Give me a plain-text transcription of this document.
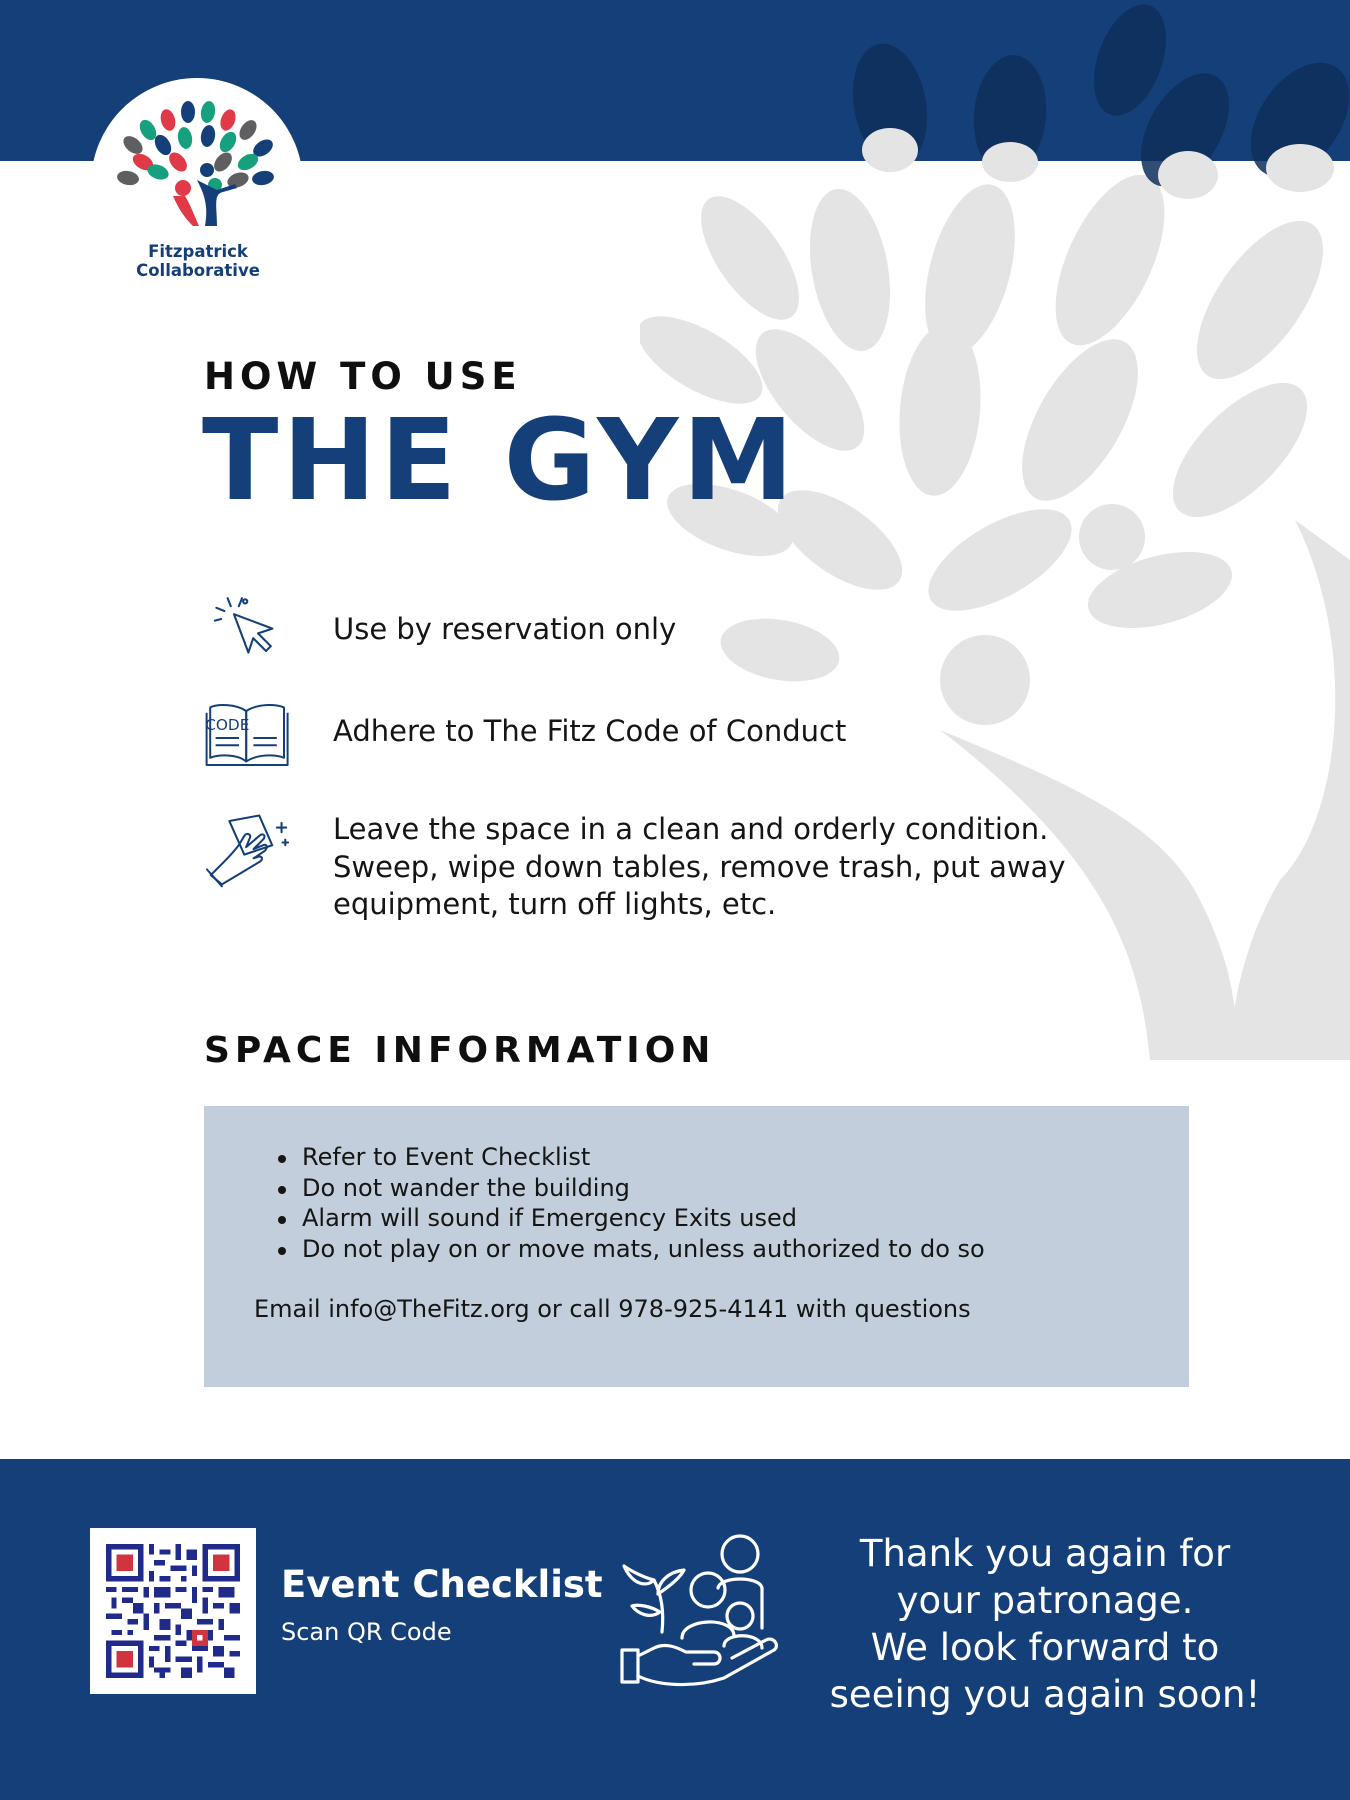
Fitzpatrick
Collaborative
HOW TO USE
THE GYM
Use by reservation only
CODE	Adhere to The Fitz Code of Conduct
Leave the space in a clean and orderly condition.
Sweep, wipe down tables, remove trash, put away
equipment, turn off lights, etc.
SPACE INFORMATION
Refer to Event Checklist
Do not wander the building
Alarm will sound if Emergency Exits used
Do not play on or move mats, unless authorized to do so
Email info@TheFitz.org or call 978-925-4141 with questions
Event Checklist
Scan QR Code
Thank you again for
your patronage.
We look forward to
seeing you again soon!
